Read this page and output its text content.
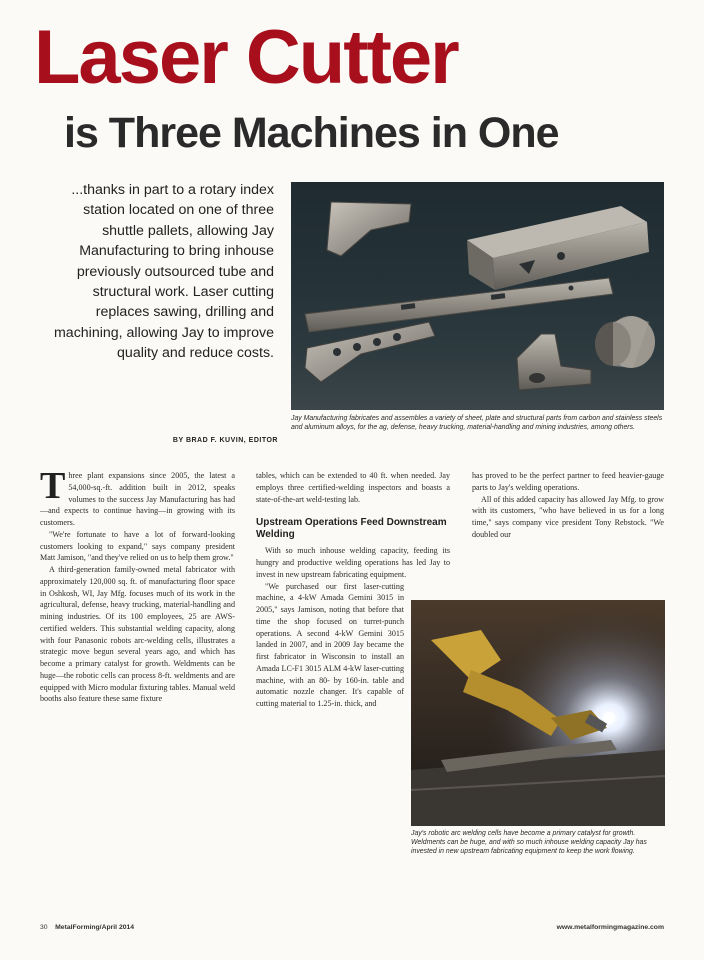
Laser Cutter
is Three Machines in One
...thanks in part to a rotary index station located on one of three shuttle pallets, allowing Jay Manufacturing to bring inhouse previously outsourced tube and structural work. Laser cutting replaces sawing, drilling and machining, allowing Jay to improve quality and reduce costs.
BY BRAD F. KUVIN, EDITOR
Jay Manufacturing fabricates and assembles a variety of sheet, plate and structural parts from carbon and stainless steels and aluminum alloys, for the ag, defense, heavy trucking, material-handling and mining industries, among others.

Three plant expansions since 2005, the latest a 54,000-sq.-ft. addition built in 2012, speaks volumes to the success Jay Manufacturing has had—and expects to continue having—in growing with its customers.

"We're fortunate to have a lot of forward-looking customers looking to expand," says company president Matt Jamison, "and they've relied on us to help them grow."

A third-generation family-owned metal fabricator with approximately 120,000 sq. ft. of manufacturing floor space in Oshkosh, WI, Jay Mfg. focuses much of its work in the agricultural, defense, heavy trucking, material-handling and mining industries. Of its 100 employees, 25 are AWS-certified welders. This substantial welding capacity, along with four Panasonic robots arc-welding cells, illustrates a strategic move begun several years ago, and which has become a primary catalyst for growth. Weldments can be huge—the robotic cells can process 8-ft. weldments and are equipped with Micro modular fixturing tables. Manual weld booths also feature these same fixture

tables, which can be extended to 40 ft. when needed. Jay employs three certified-welding inspectors and boasts a state-of-the-art weld-testing lab.

Upstream Operations Feed Downstream Welding

With so much inhouse welding capacity, feeding its hungry and productive welding operations has led Jay to invest in new upstream fabricating equipment.

"We purchased our first laser-cutting machine, a 4-kW Amada Gemini 3015 in 2005," says Jamison, noting that before that time the shop focused on turret-punch operations. A second 4-kW Gemini 3015 landed in 2007, and in 2009 Jay became the first fabricator in Wisconsin to install an Amada LC-F1 3015 ALM 4-kW laser-cutting machine, with an 80- by 160-in. table and automatic nozzle changer. It's capable of cutting material to 1.25-in. thick, and

has proved to be the perfect partner to feed heavier-gauge parts to Jay's welding operations.

All of this added capacity has allowed Jay Mfg. to grow with its customers, "who have believed in us for a long time," says company vice president Tony Rebstock. "We doubled our

Jay's robotic arc welding cells have become a primary catalyst for growth. Weldments can be huge, and with so much inhouse welding capacity Jay has invested in new upstream fabricating equipment to keep the work flowing.
30 MetalForming/April 2014	www.metalformingmagazine.com
